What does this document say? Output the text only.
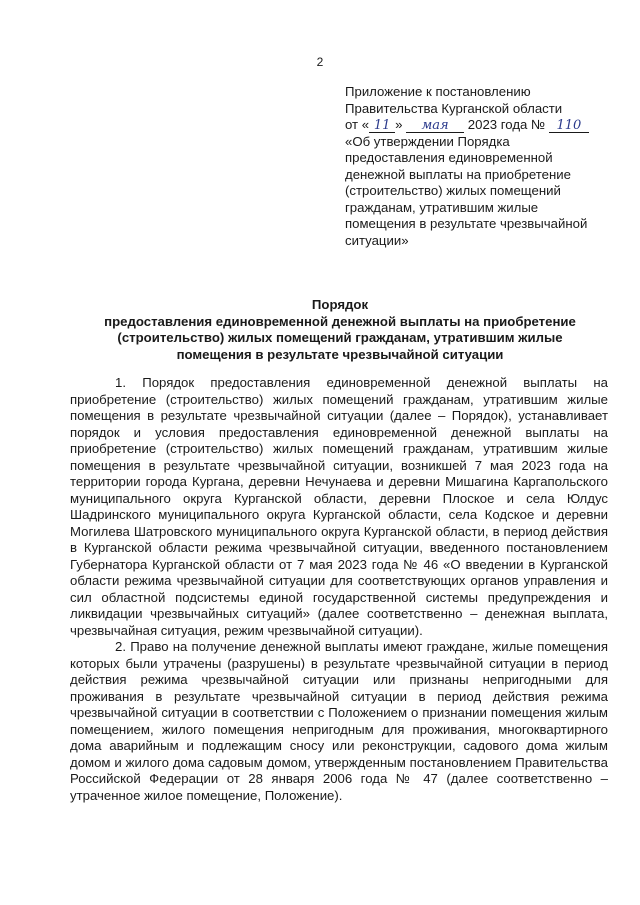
2
Приложение к постановлению
Правительства Курганской области
от « 11 » мая 2023 года № 110
«Об утверждении Порядка
предоставления единовременной
денежной выплаты на приобретение
(строительство) жилых помещений
гражданам, утратившим жилые
помещения в результате чрезвычайной
ситуации»
Порядок
предоставления единовременной денежной выплаты на приобретение
(строительство) жилых помещений гражданам, утратившим жилые
помещения в результате чрезвычайной ситуации

1. Порядок предоставления единовременной денежной выплаты на приобретение (строительство) жилых помещений гражданам, утратившим жилые помещения в результате чрезвычайной ситуации (далее – Порядок), устанавливает порядок и условия предоставления единовременной денежной выплаты на приобретение (строительство) жилых помещений гражданам, утратившим жилые помещения в результате чрезвычайной ситуации, возникшей 7 мая 2023 года на территории города Кургана, деревни Нечунаева и деревни Мишагина Каргапольского муниципального округа Курганской области, деревни Плоское и села Юлдус Шадринского муниципального округа Курганской области, села Кодское и деревни Могилева Шатровского муниципального округа Курганской области, в период действия в Курганской области режима чрезвычайной ситуации, введенного постановлением Губернатора Курганской области от 7 мая 2023 года № 46 «О введении в Курганской области режима чрезвычайной ситуации для соответствующих органов управления и сил областной подсистемы единой государственной системы предупреждения и ликвидации чрезвычайных ситуаций» (далее соответственно – денежная выплата, чрезвычайная ситуация, режим чрезвычайной ситуации).

2. Право на получение денежной выплаты имеют граждане, жилые помещения которых были утрачены (разрушены) в результате чрезвычайной ситуации в период действия режима чрезвычайной ситуации или признаны непригодными для проживания в результате чрезвычайной ситуации в период действия режима чрезвычайной ситуации в соответствии с Положением о признании помещения жилым помещением, жилого помещения непригодным для проживания, многоквартирного дома аварийным и подлежащим сносу или реконструкции, садового дома жилым домом и жилого дома садовым домом, утвержденным постановлением Правительства Российской Федерации от 28 января 2006 года № 47 (далее соответственно – утраченное жилое помещение, Положение).
